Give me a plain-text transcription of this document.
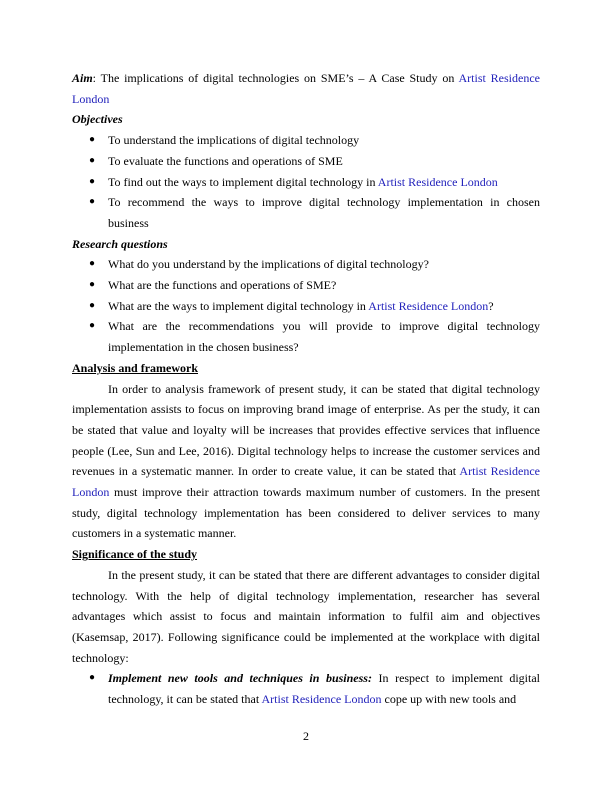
Aim: The implications of digital technologies on SME’s – A Case Study on Artist Residence London

Objectives
● To understand the implications of digital technology
● To evaluate the functions and operations of SME
● To find out the ways to implement digital technology in Artist Residence London
● To recommend the ways to improve digital technology implementation in chosen business
Research questions
● What do you understand by the implications of digital technology?
● What are the functions and operations of SME?
● What are the ways to implement digital technology in Artist Residence London?
● What are the recommendations you will provide to improve digital technology implementation in the chosen business?
Analysis and framework

In order to analysis framework of present study, it can be stated that digital technology implementation assists to focus on improving brand image of enterprise. As per the study, it can be stated that value and loyalty will be increases that provides effective services that influence people (Lee, Sun and Lee, 2016). Digital technology helps to increase the customer services and revenues in a systematic manner. In order to create value, it can be stated that Artist Residence London must improve their attraction towards maximum number of customers. In the present study, digital technology implementation has been considered to deliver services to many customers in a systematic manner.

Significance of the study

In the present study, it can be stated that there are different advantages to consider digital technology. With the help of digital technology implementation, researcher has several advantages which assist to focus and maintain information to fulfil aim and objectives (Kasemsap, 2017). Following significance could be implemented at the workplace with digital technology:

● Implement new tools and techniques in business: In respect to implement digital technology, it can be stated that Artist Residence London cope up with new tools and
2
